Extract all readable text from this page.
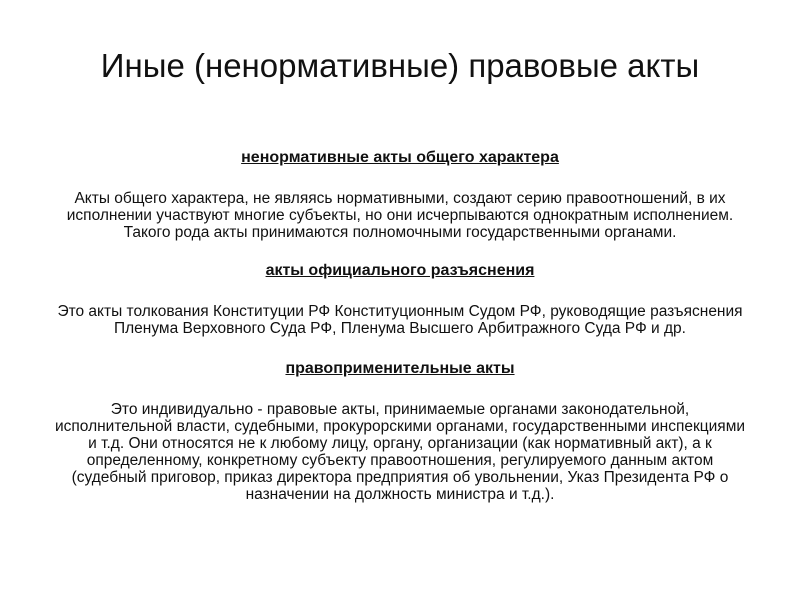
Иные (ненормативные) правовые акты

ненормативные акты общего характера

Акты общего характера, не являясь нормативными, создают серию правоотношений, в их исполнении участвуют многие субъекты, но они исчерпываются однократным исполнением. Такого рода акты принимаются полномочными государственными органами.

акты официального разъяснения

Это акты толкования Конституции РФ Конституционным Судом РФ, руководящие разъяснения Пленума Верховного Суда РФ, Пленума Высшего Арбитражного Суда РФ и др.

правоприменительные акты

Это индивидуально - правовые акты, принимаемые органами законодательной, исполнительной власти, судебными, прокурорскими органами, государственными инспекциями и т.д. Они относятся не к любому лицу, органу, организации (как нормативный акт), а к определенному, конкретному субъекту правоотношения, регулируемого данным актом (судебный приговор, приказ директора предприятия об увольнении, Указ Президента РФ о назначении на должность министра и т.д.).
